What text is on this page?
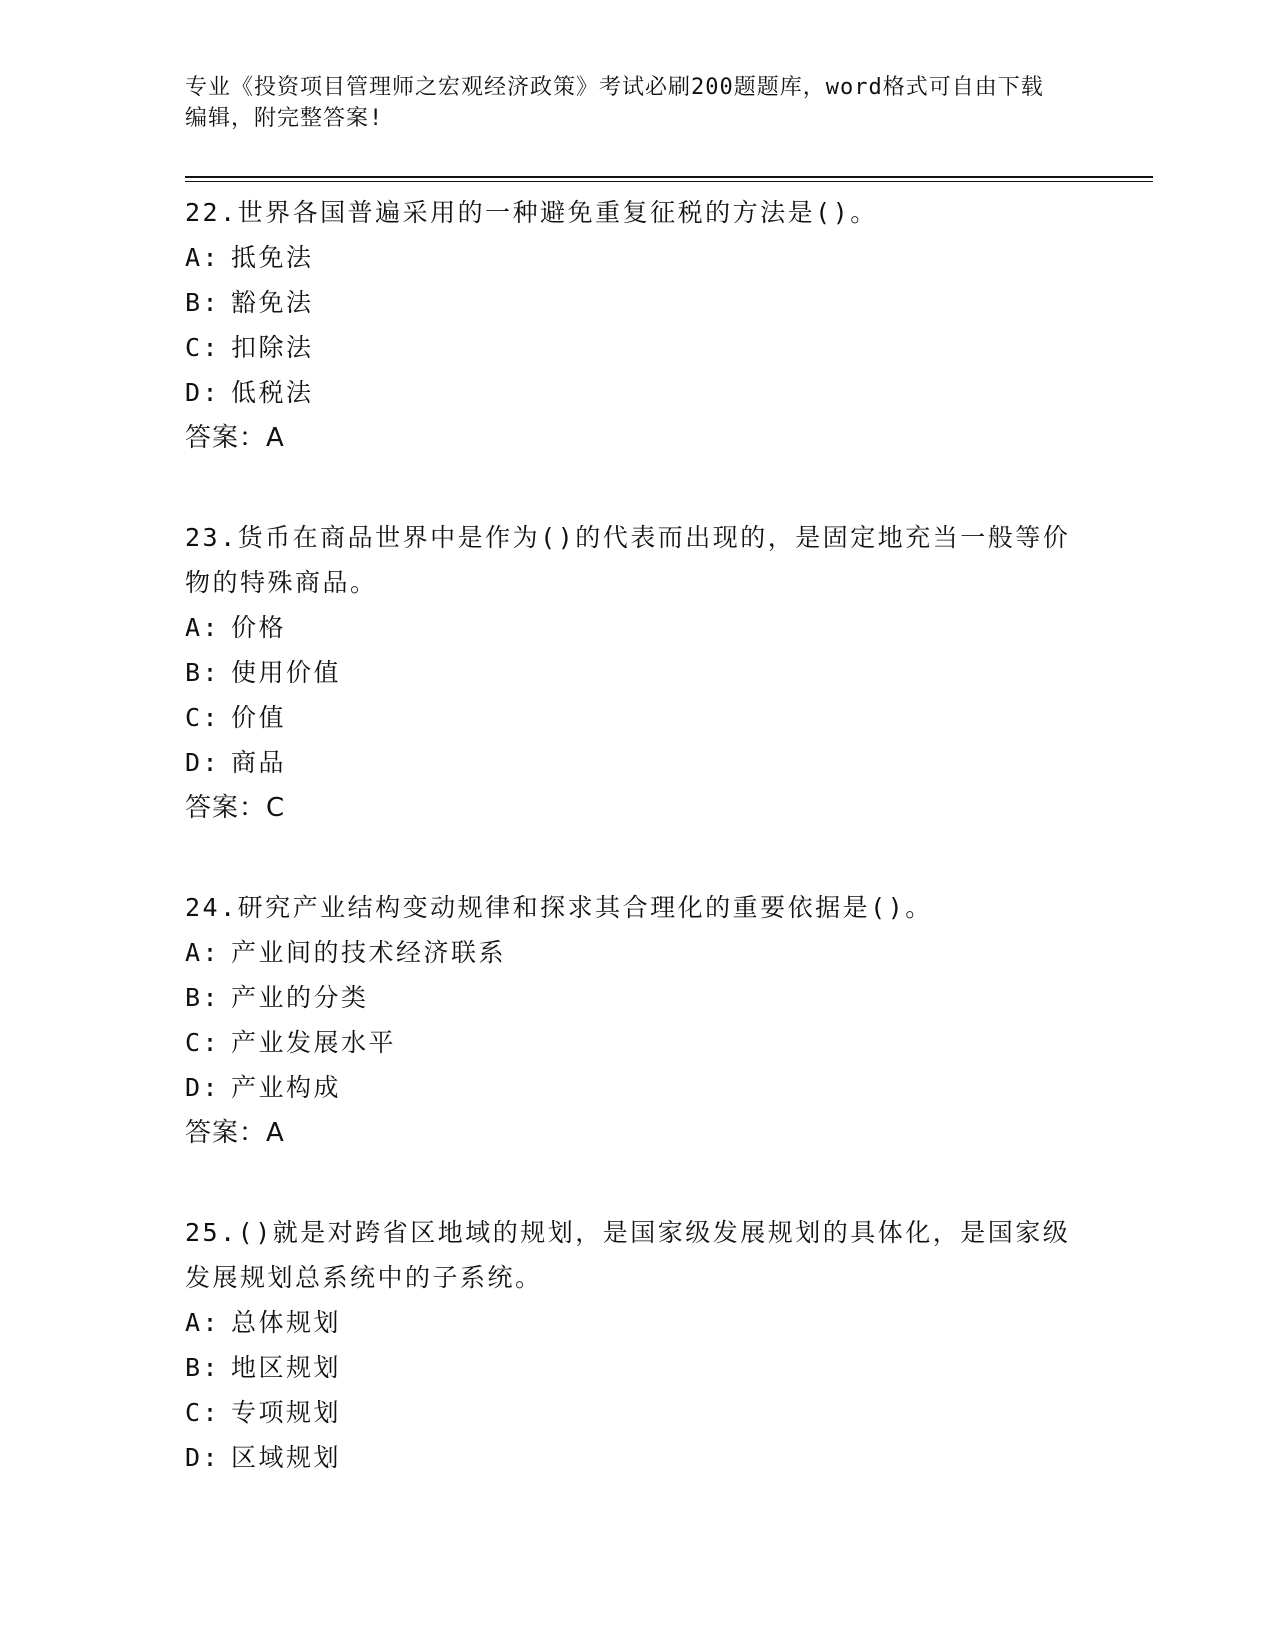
专业《投资项目管理师之宏观经济政策》考试必刷200题题库，word格式可自由下载编辑，附完整答案!

22.世界各国普遍采用的一种避免重复征税的方法是()。

A: 抵免法

B: 豁免法

C: 扣除法

D: 低税法

答案：A

23.货币在商品世界中是作为()的代表而出现的，是固定地充当一般等价物的特殊商品。

A: 价格

B: 使用价值

C: 价值

D: 商品

答案：C

24.研究产业结构变动规律和探求其合理化的重要依据是()。

A: 产业间的技术经济联系

B: 产业的分类

C: 产业发展水平

D: 产业构成

答案：A

25.()就是对跨省区地域的规划，是国家级发展规划的具体化，是国家级发展规划总系统中的子系统。

A: 总体规划

B: 地区规划

C: 专项规划

D: 区域规划
